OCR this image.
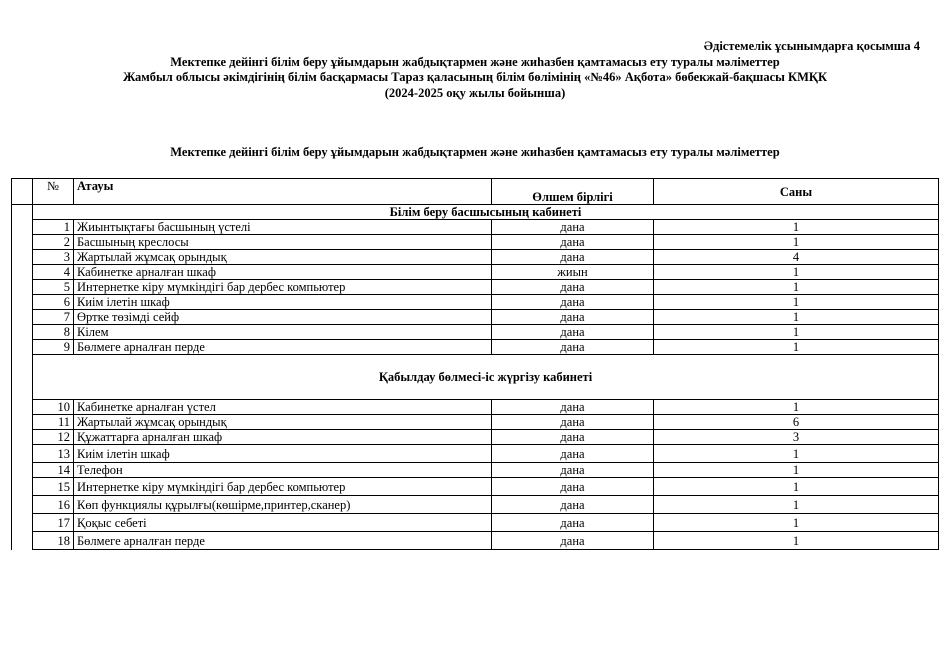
Әдістемелік ұсынымдарға қосымша 4
Мектепке дейінгі білім беру ұйымдарын жабдықтармен және жиһазбен қамтамасыз ету туралы мәліметтер
Жамбыл облысы әкімдігінің білім басқармасы Тараз қаласының білім бөлімінің «№46» Ақбота» бөбекжай-бақшасы КМҚК
(2024-2025 оқу жылы бойынша)
Мектепке дейінгі білім беру ұйымдарын жабдықтармен және жиһазбен қамтамасыз ету туралы мәліметтер
	№	Атауы	Өлшем бірлігі	Саны
	Білім беру басшысының кабинеті			
	1	Жиынтықтағы басшының үстелі	дана	1
	2	Басшының креслосы	дана	1
	3	Жартылай жұмсақ орындық	дана	4
	4	Кабинетке арналған шкаф	жиын	1
	5	Интернетке кіру мүмкіндігі бар дербес компьютер	дана	1
	6	Киім ілетін шкаф	дана	1
	7	Өртке төзімді сейф	дана	1
	8	Кілем	дана	1
	9	Бөлмеге арналған перде	дана	1
	Қабылдау бөлмесі-іс жүргізу кабинеті			
	10	Кабинетке арналған үстел	дана	1
	11	Жартылай жұмсақ орындық	дана	6
	12	Құжаттарға арналған шкаф	дана	3
	13	Киім ілетін шкаф	дана	1
	14	Телефон	дана	1
	15	Интернетке кіру мүмкіндігі бар дербес компьютер	дана	1
	16	Көп функциялы құрылғы(көшірме,принтер,сканер)	дана	1
	17	Қоқыс себеті	дана	1
	18	Бөлмеге арналған перде	дана	1
